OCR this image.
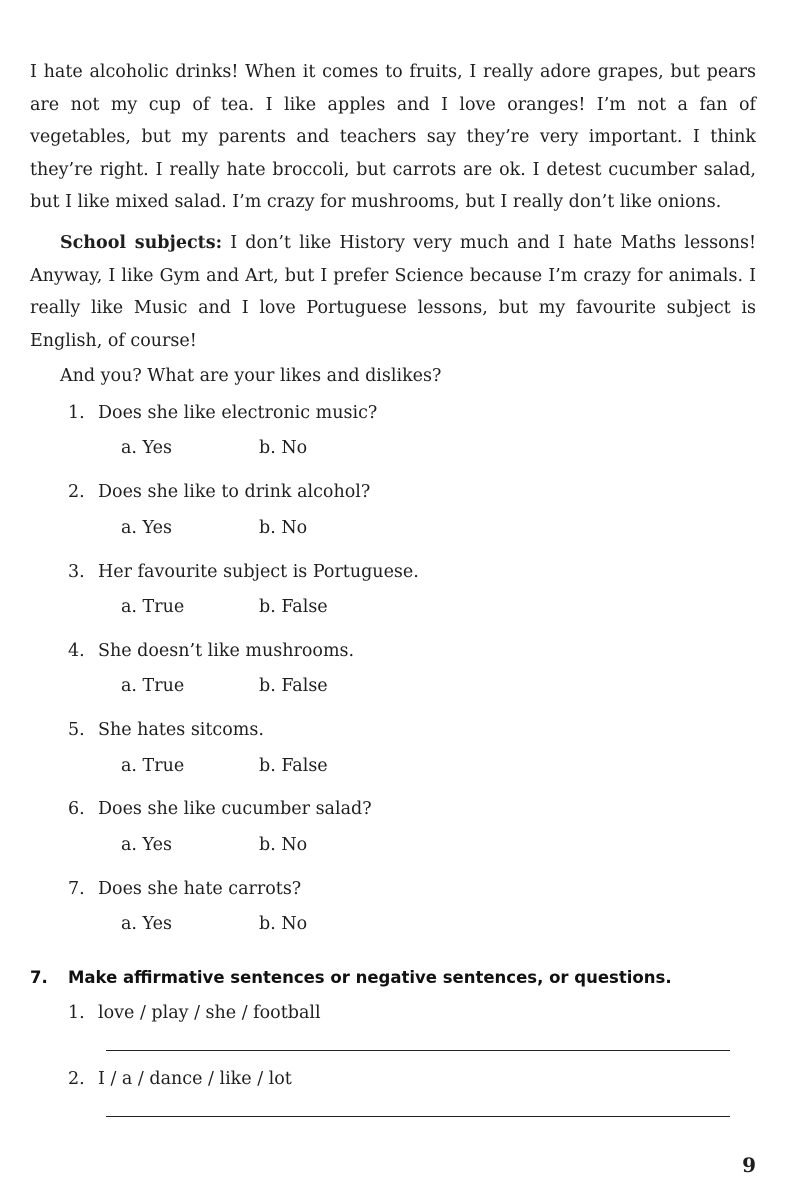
I hate alcoholic drinks! When it comes to fruits, I really adore grapes, but pears are not my cup of tea. I like apples and I love oranges! I’m not a fan of vegetables, but my parents and teachers say they’re very important. I think they’re right. I really hate broccoli, but carrots are ok. I detest cucumber salad, but I like mixed salad. I’m crazy for mushrooms, but I really don’t like onions.

School subjects: I don’t like History very much and I hate Maths lessons! Anyway, I like Gym and Art, but I prefer Science because I’m crazy for animals. I really like Music and I love Portuguese lessons, but my favourite subject is English, of course!

And you? What are your likes and dislikes?

1. Does she like electronic music?
a. Yes	b. No
2. Does she like to drink alcohol?
a. Yes	b. No
3. Her favourite subject is Portuguese.
a. True	b. False
4. She doesn’t like mushrooms.
a. True	b. False
5. She hates sitcoms.
a. True	b. False
6. Does she like cucumber salad?
a. Yes	b. No
7. Does she hate carrots?
a. Yes	b. No
7. Make affirmative sentences or negative sentences, or questions.
1. love / play / she / football
2. I / a / dance / like / lot
9
